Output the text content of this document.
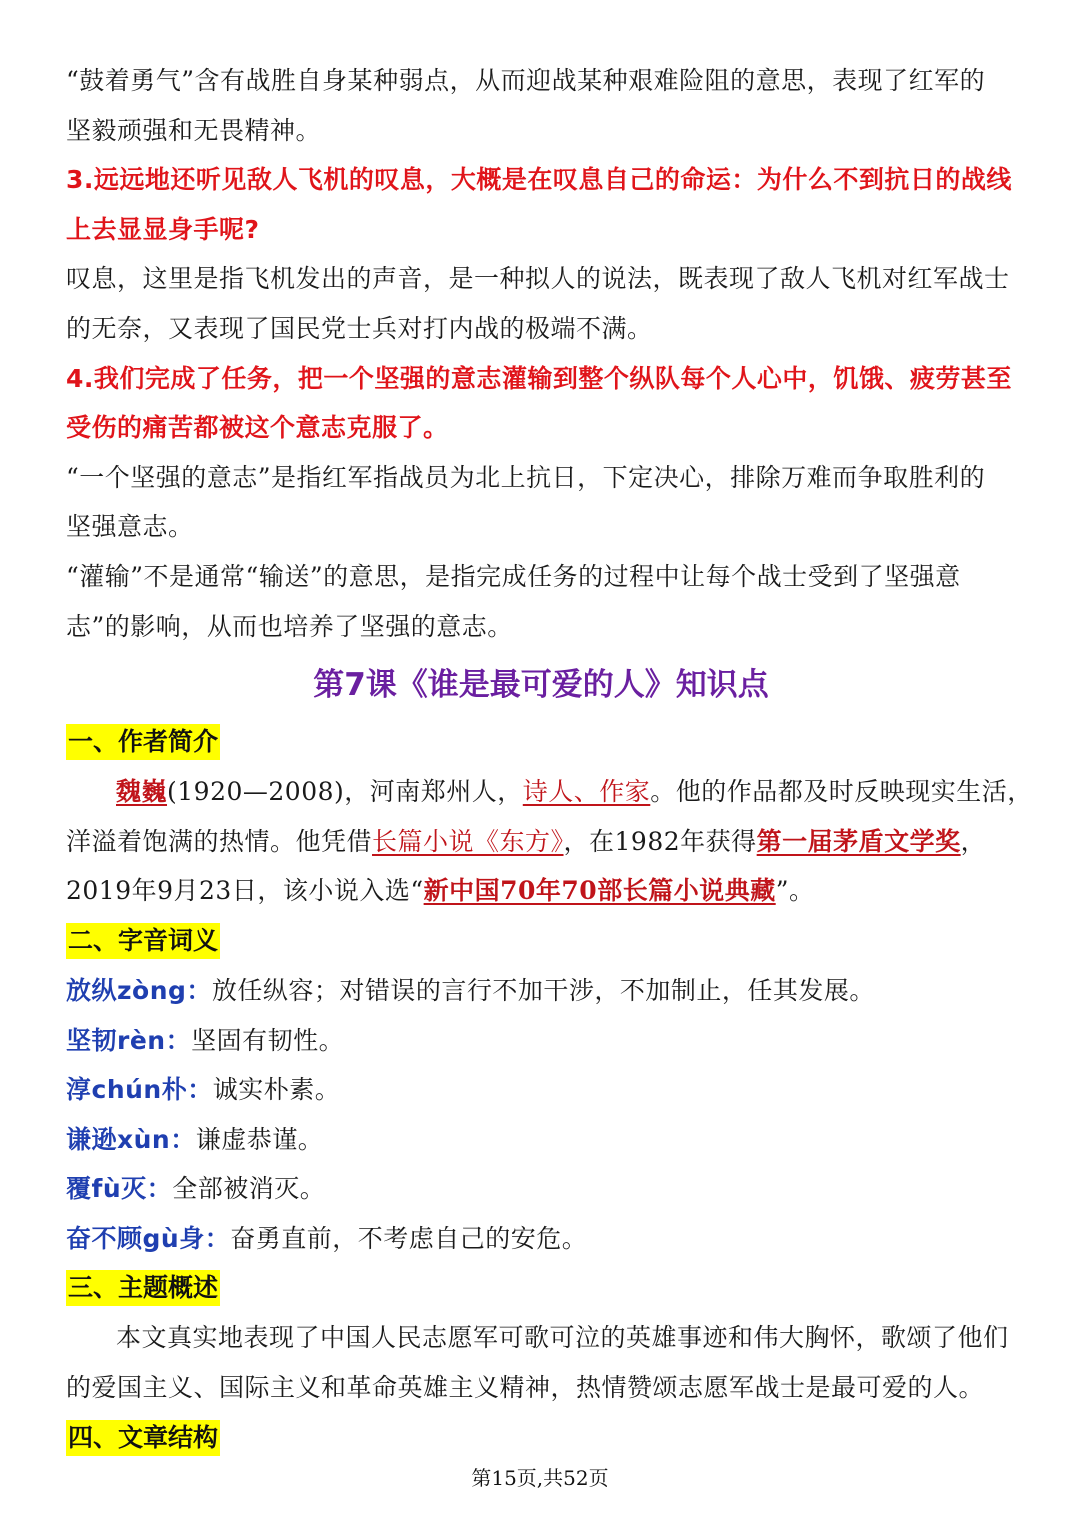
“鼓着勇气”含有战胜自身某种弱点，从而迎战某种艰难险阻的意思，表现了红军的
坚毅顽强和无畏精神。
3.远远地还听见敌人飞机的叹息，大概是在叹息自己的命运：为什么不到抗日的战线
上去显显身手呢?
叹息，这里是指飞机发出的声音，是一种拟人的说法，既表现了敌人飞机对红军战士
的无奈，又表现了国民党士兵对打内战的极端不满。
4.我们完成了任务，把一个坚强的意志灌输到整个纵队每个人心中，饥饿、疲劳甚至
受伤的痛苦都被这个意志克服了。
“一个坚强的意志”是指红军指战员为北上抗日，下定决心，排除万难而争取胜利的
坚强意志。
“灌输”不是通常“输送”的意思，是指完成任务的过程中让每个战士受到了坚强意
志”的影响，从而也培养了坚强的意志。
第7课《谁是最可爱的人》知识点
一、作者简介
魏巍(1920—2008)，河南郑州人，诗人、作家。他的作品都及时反映现实生活，
洋溢着饱满的热情。他凭借长篇小说《东方》，在1982年获得第一届茅盾文学奖，
2019年9月23日，该小说入选“新中国70年70部长篇小说典藏”。
二、字音词义
放纵zòng：放任纵容；对错误的言行不加干涉，不加制止，任其发展。
坚韧rèn：坚固有韧性。
淳chún朴：诚实朴素。
谦逊xùn：谦虚恭谨。
覆fù灭：全部被消灭。
奋不顾gù身：奋勇直前，不考虑自己的安危。
三、主题概述
本文真实地表现了中国人民志愿军可歌可泣的英雄事迹和伟大胸怀，歌颂了他们
的爱国主义、国际主义和革命英雄主义精神，热情赞颂志愿军战士是最可爱的人。
四、文章结构
第15页,共52页
